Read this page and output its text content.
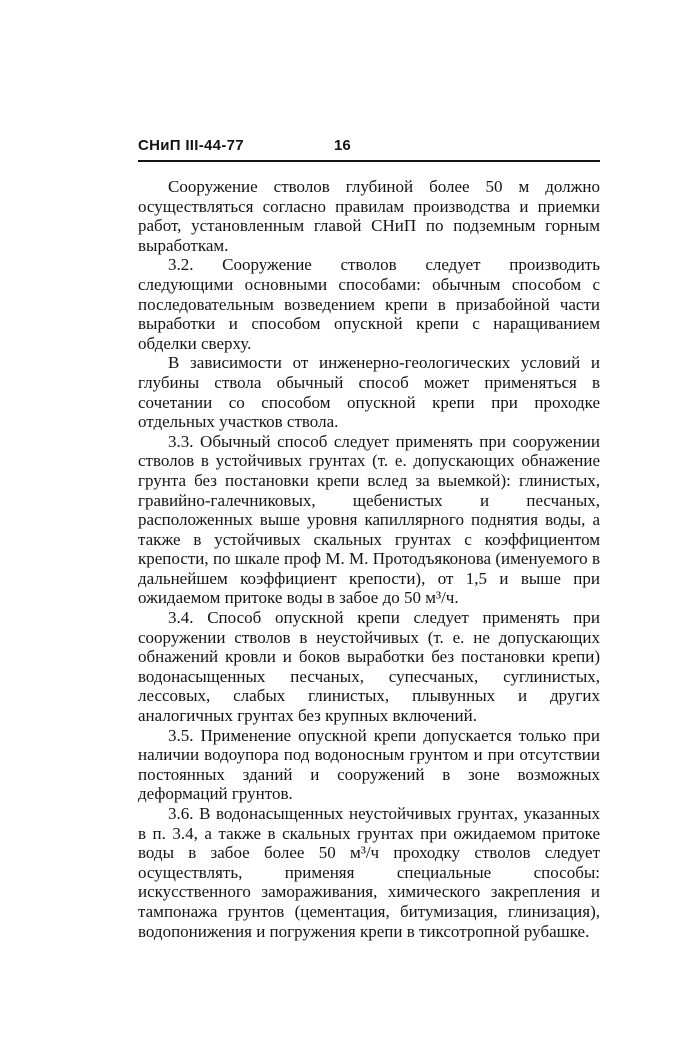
СНиП III-44-77	16

Сооружение стволов глубиной более 50 м должно осуществляться согласно правилам производства и приемки работ, установленным главой СНиП по подземным горным выработкам.

3.2. Сооружение стволов следует производить следующими основными способами: обычным способом с последовательным возведением крепи в призабойной части выработки и способом опускной крепи с наращиванием обделки сверху.

В зависимости от инженерно-геологических условий и глубины ствола обычный способ может применяться в сочетании со способом опускной крепи при проходке отдельных участков ствола.

3.3. Обычный способ следует применять при сооружении стволов в устойчивых грунтах (т. е. допускающих обнажение грунта без постановки крепи вслед за выемкой): глинистых, гравийно-галечниковых, щебенистых и песчаных, расположенных выше уровня капиллярного поднятия воды, а также в устойчивых скальных грунтах с коэффициентом крепости, по шкале проф М. М. Протодъяконова (именуемого в дальнейшем коэффициент крепости), от 1,5 и выше при ожидаемом притоке воды в забое до 50 м³/ч.

3.4. Способ опускной крепи следует применять при сооружении стволов в неустойчивых (т. е. не допускающих обнажений кровли и боков выработки без постановки крепи) водонасыщенных песчаных, супесчаных, суглинистых, лессовых, слабых глинистых, плывунных и других аналогичных грунтах без крупных включений.

3.5. Применение опускной крепи допускается только при наличии водоупора под водоносным грунтом и при отсутствии постоянных зданий и сооружений в зоне возможных деформаций грунтов.

3.6. В водонасыщенных неустойчивых грунтах, указанных в п. 3.4, а также в скальных грунтах при ожидаемом притоке воды в забое более 50 м³/ч проходку стволов следует осуществлять, применяя специальные способы: искусственного замораживания, химического закрепления и тампонажа грунтов (цементация, битумизация, глинизация), водопонижения и погружения крепи в тиксотропной рубашке.
